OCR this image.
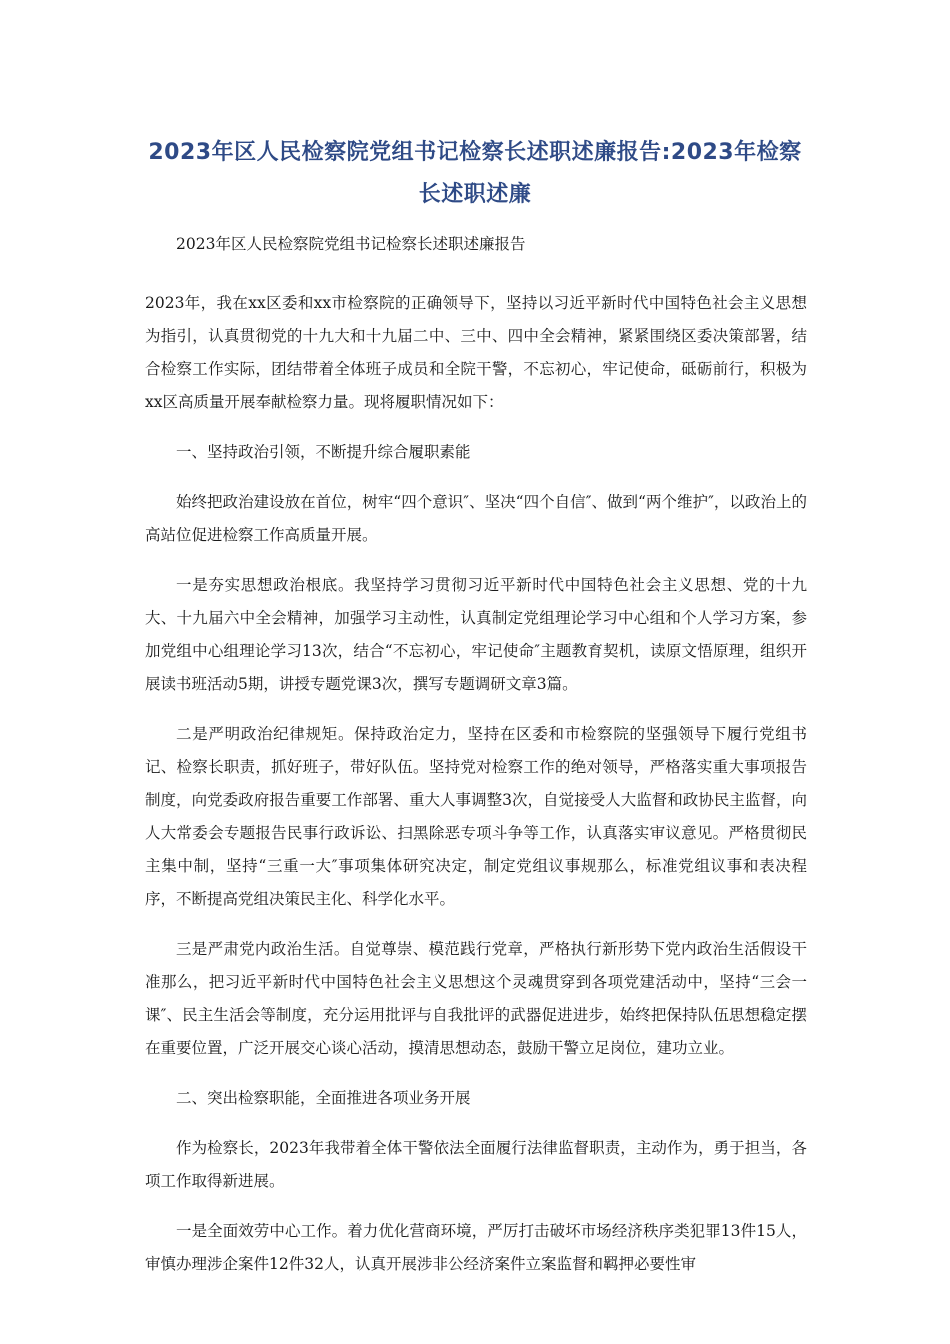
2023年区人民检察院党组书记检察长述职述廉报告:2023年检察长述职述廉

2023年区人民检察院党组书记检察长述职述廉报告

2023年，我在xx区委和xx市检察院的正确领导下，坚持以习近平新时代中国特色社会主义思想为指引，认真贯彻党的十九大和十九届二中、三中、四中全会精神，紧紧围绕区委决策部署，结合检察工作实际，团结带着全体班子成员和全院干警，不忘初心，牢记使命，砥砺前行，积极为xx区高质量开展奉献检察力量。现将履职情况如下：

一、坚持政治引领，不断提升综合履职素能

始终把政治建设放在首位，树牢“四个意识″、坚决“四个自信″、做到“两个维护″，以政治上的高站位促进检察工作高质量开展。

一是夯实思想政治根底。我坚持学习贯彻习近平新时代中国特色社会主义思想、党的十九大、十九届六中全会精神，加强学习主动性，认真制定党组理论学习中心组和个人学习方案，参加党组中心组理论学习13次，结合“不忘初心，牢记使命″主题教育契机，读原文悟原理，组织开展读书班活动5期，讲授专题党课3次，撰写专题调研文章3篇。

二是严明政治纪律规矩。保持政治定力，坚持在区委和市检察院的坚强领导下履行党组书记、检察长职责，抓好班子，带好队伍。坚持党对检察工作的绝对领导，严格落实重大事项报告制度，向党委政府报告重要工作部署、重大人事调整3次，自觉接受人大监督和政协民主监督，向人大常委会专题报告民事行政诉讼、扫黑除恶专项斗争等工作，认真落实审议意见。严格贯彻民主集中制，坚持“三重一大″事项集体研究决定，制定党组议事规那么，标准党组议事和表决程序，不断提高党组决策民主化、科学化水平。

三是严肃党内政治生活。自觉尊崇、模范践行党章，严格执行新形势下党内政治生活假设干准那么，把习近平新时代中国特色社会主义思想这个灵魂贯穿到各项党建活动中，坚持“三会一课″、民主生活会等制度，充分运用批评与自我批评的武器促进进步，始终把保持队伍思想稳定摆在重要位置，广泛开展交心谈心活动，摸清思想动态，鼓励干警立足岗位，建功立业。

二、突出检察职能，全面推进各项业务开展

作为检察长，2023年我带着全体干警依法全面履行法律监督职责，主动作为，勇于担当，各项工作取得新进展。

一是全面效劳中心工作。着力优化营商环境，严厉打击破坏市场经济秩序类犯罪13件15人，审慎办理涉企案件12件32人，认真开展涉非公经济案件立案监督和羁押必要性审
